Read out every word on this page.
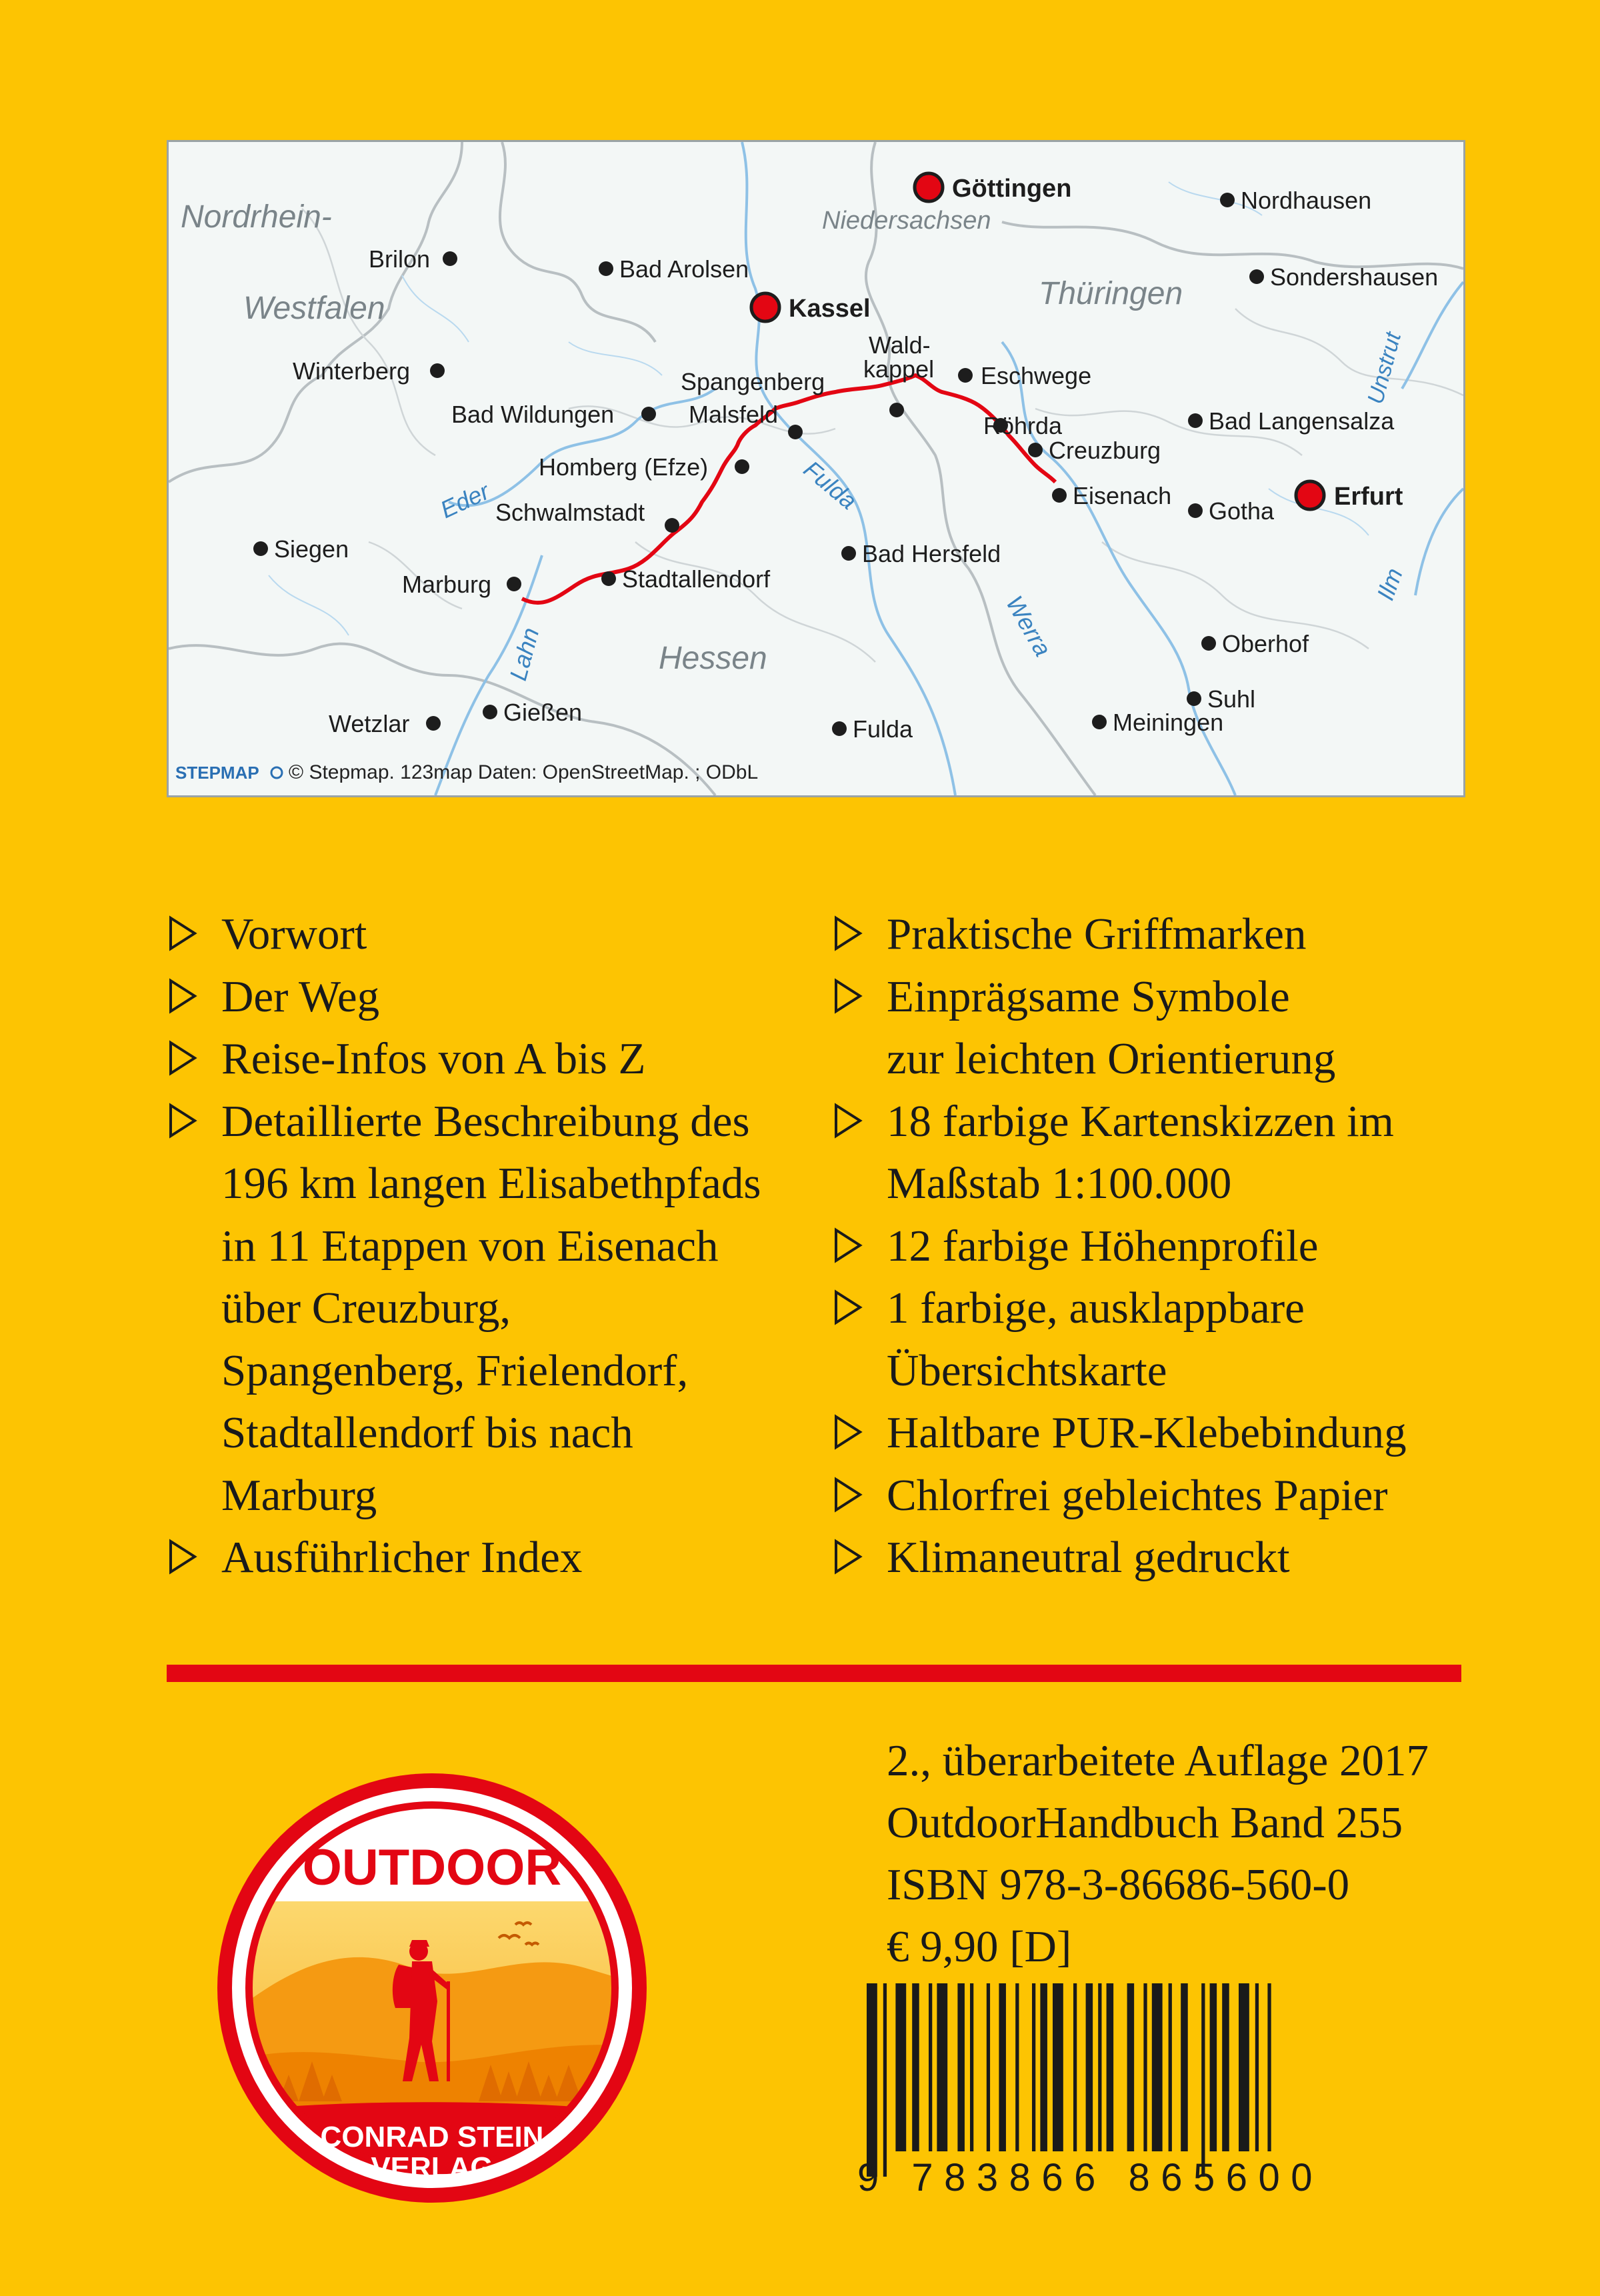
Nordrhein-
Westfalen
Niedersachsen
Thüringen
Hessen
Eder	Fulda
Werra
Lahn
Unstrut
Ilm
Göttingen
Kassel
Erfurt
Nordhausen
Brilon	Bad Arolsen	Sondershausen
Winterberg
Wald-
kappel Eschwege
Spangenberg
Bad Wildungen	Malsfeld	Röhrda	Bad Langensalza
Creuzburg
Homberg (Efze)
Eisenach
Gotha
Schwalmstadt
Siegen	Bad Hersfeld
Marburg	Stadtallendorf
Oberhof
Suhl
Gießen
Wetzlar	Fulda	Meiningen
STEPMAP © Stepmap. 123map Daten: OpenStreetMap. ; ODbL
Vorwort
Der Weg
Reise-Infos von A bis Z
Detaillierte Beschreibung des
196 km langen Elisabethpfads
in 11 Etappen von Eisenach
über Creuzburg,
Spangenberg, Frielendorf,
Stadtallendorf bis nach
Marburg
Ausführlicher Index
Praktische Griffmarken
Einprägsame Symbole
zur leichten Orientierung
18 farbige Kartenskizzen im
Maßstab 1:100.000
12 farbige Höhenprofile
1 farbige, ausklappbare
Übersichtskarte
Haltbare PUR-Klebebindung
Chlorfrei gebleichtes Papier
Klimaneutral gedruckt
OUTDOOR
CONRAD STEIN
VERLAG
2., überarbeitete Auflage 2017
OutdoorHandbuch Band 255
ISBN 978-3-86686-560-0
€ 9,90 [D]
9 783866 865600
